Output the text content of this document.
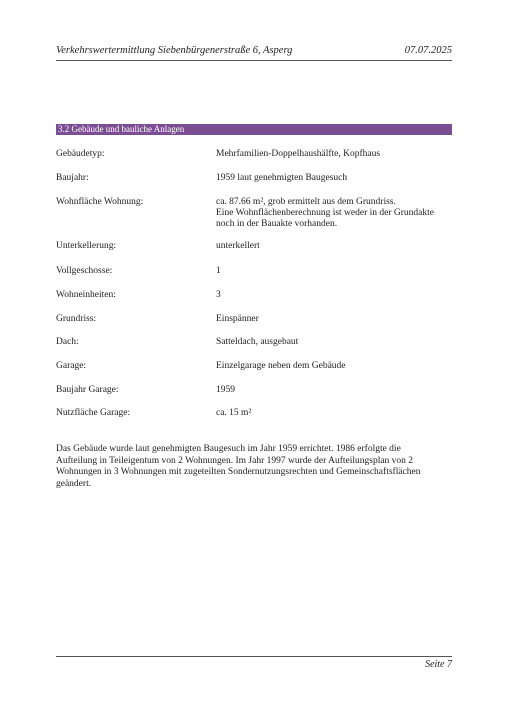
Verkehrswertermittlung Siebenbürgenerstraße 6, Asperg	07.07.2025
3.2 Gebäude und bauliche Anlagen
Gebäudetyp:	Mehrfamilien-Doppelhaushälfte, Kopfhaus
Baujahr:	1959 laut genehmigten Baugesuch
Wohnfläche Wohnung:	ca. 87.66 m², grob ermittelt aus dem Grundriss.
Eine Wohnflächenberechnung ist weder in der Grundakte
noch in der Bauakte vorhanden.
Unterkellerung:	unterkellert
Vollgeschosse:	1
Wohneinheiten:	3
Grundriss:	Einspänner
Dach:	Satteldach, ausgebaut
Garage:	Einzelgarage neben dem Gebäude
Baujahr Garage:	1959
Nutzfläche Garage:	ca. 15 m²

Das Gebäude wurde laut genehmigten Baugesuch im Jahr 1959 errichtet. 1986 erfolgte die Aufteilung in Teileigentum von 2 Wohnungen. Im Jahr 1997 wurde der Aufteilungsplan von 2 Wohnungen in 3 Wohnungen mit zugeteilten Sondernutzungsrechten und Gemeinschaftsflächen geändert.

Seite 7
